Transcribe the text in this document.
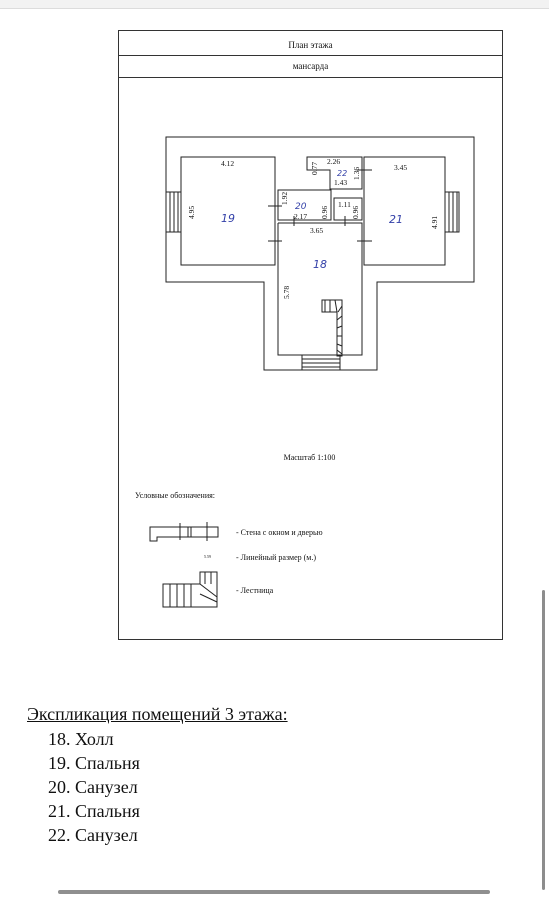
План этажа
мансарда
4.12
4.95
0.77
2.26
1.36
1.43
3.45
4.91
1.92
2.17 0.96
1.11
0.96
3.65
5.78
18
19
20
21
22
Масштаб 1:100
Условные обозначения:
- Стена с окном и дверью
5.59	- Линейный размер (м.)
- Лестница
Экспликация помещений 3 этажа:
18. Холл
19. Спальня
20. Санузел
21. Спальня
22. Санузел
